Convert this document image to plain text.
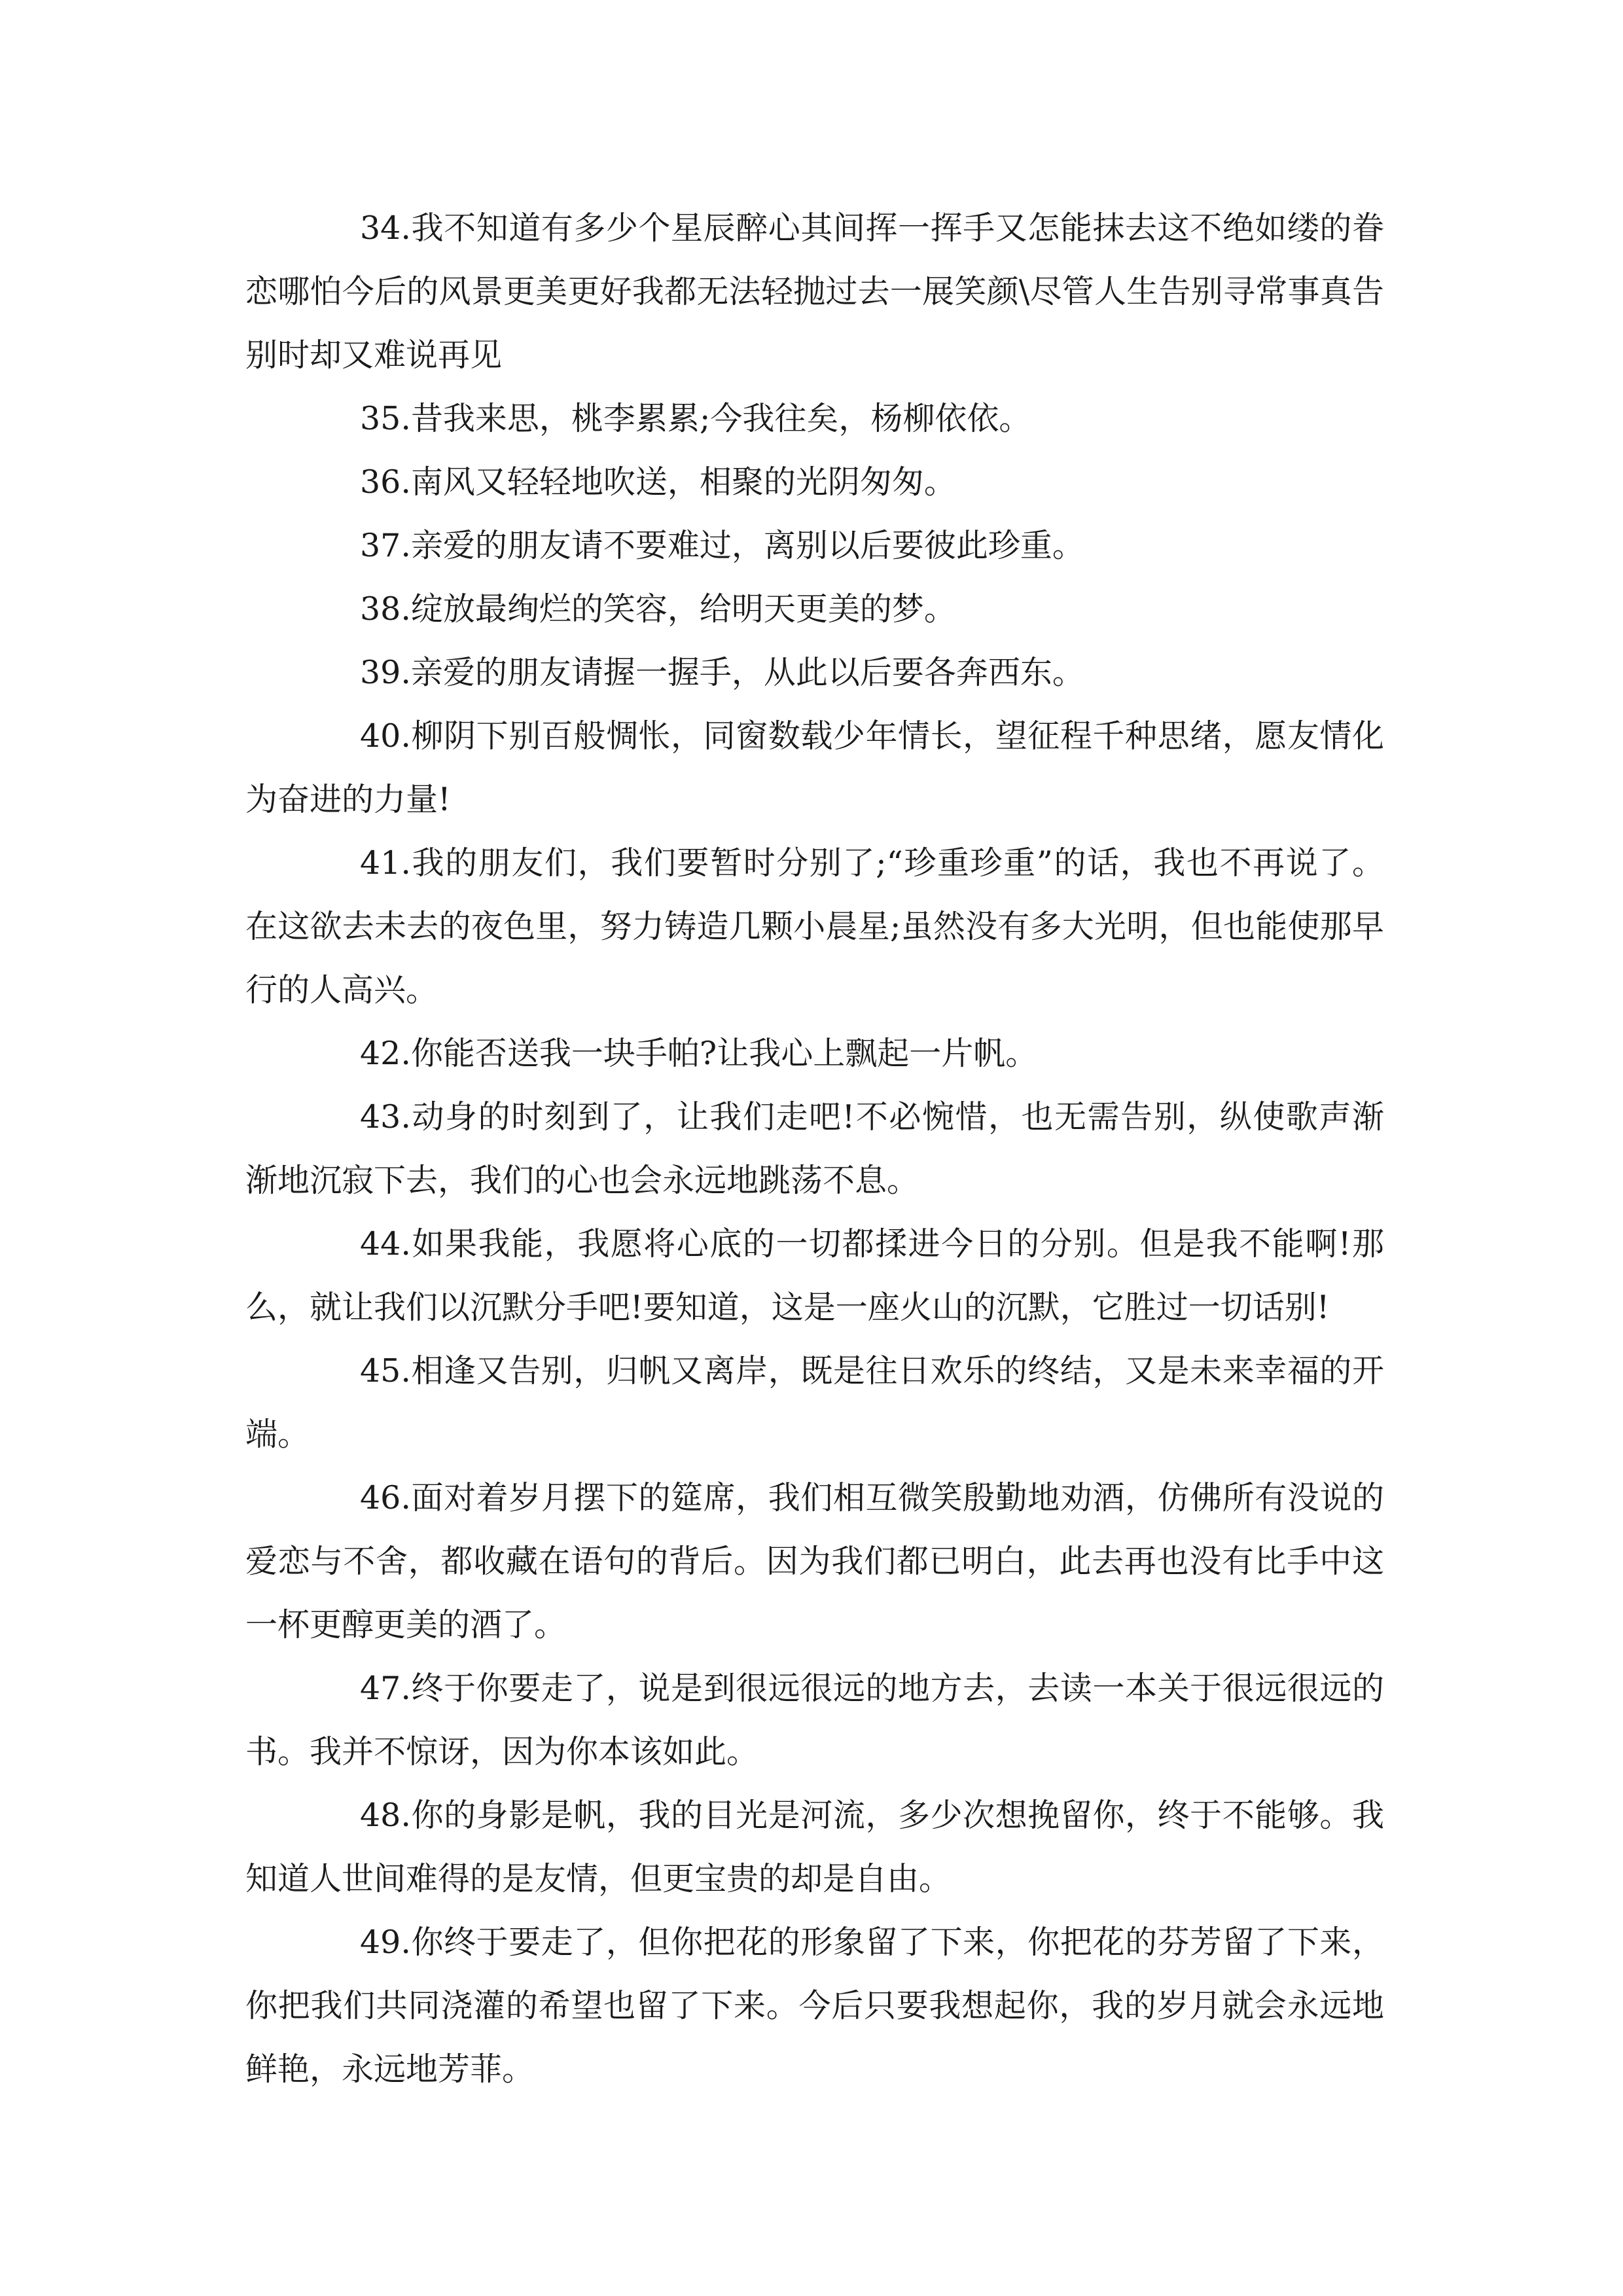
34.我不知道有多少个星辰醉心其间挥一挥手又怎能抹去这不绝如缕的眷恋哪怕今后的风景更美更好我都无法轻抛过去一展笑颜\尽管人生告别寻常事真告别时却又难说再见

35.昔我来思，桃李累累;今我往矣，杨柳依依。

36.南风又轻轻地吹送，相聚的光阴匆匆。

37.亲爱的朋友请不要难过，离别以后要彼此珍重。

38.绽放最绚烂的笑容，给明天更美的梦。

39.亲爱的朋友请握一握手，从此以后要各奔西东。

40.柳阴下别百般惆怅，同窗数载少年情长，望征程千种思绪，愿友情化为奋进的力量!

41.我的朋友们，我们要暂时分别了;“珍重珍重”的话，我也不再说了。在这欲去未去的夜色里，努力铸造几颗小晨星;虽然没有多大光明，但也能使那早行的人高兴。

42.你能否送我一块手帕?让我心上飘起一片帆。

43.动身的时刻到了，让我们走吧!不必惋惜，也无需告别，纵使歌声渐渐地沉寂下去，我们的心也会永远地跳荡不息。

44.如果我能，我愿将心底的一切都揉进今日的分别。但是我不能啊!那么，就让我们以沉默分手吧!要知道，这是一座火山的沉默，它胜过一切话别!

45.相逢又告别，归帆又离岸，既是往日欢乐的终结，又是未来幸福的开端。

46.面对着岁月摆下的筵席，我们相互微笑殷勤地劝酒，仿佛所有没说的爱恋与不舍，都收藏在语句的背后。因为我们都已明白，此去再也没有比手中这一杯更醇更美的酒了。

47.终于你要走了，说是到很远很远的地方去，去读一本关于很远很远的书。我并不惊讶，因为你本该如此。

48.你的身影是帆，我的目光是河流，多少次想挽留你，终于不能够。我知道人世间难得的是友情，但更宝贵的却是自由。

49.你终于要走了，但你把花的形象留了下来，你把花的芬芳留了下来，你把我们共同浇灌的希望也留了下来。今后只要我想起你，我的岁月就会永远地鲜艳，永远地芳菲。
